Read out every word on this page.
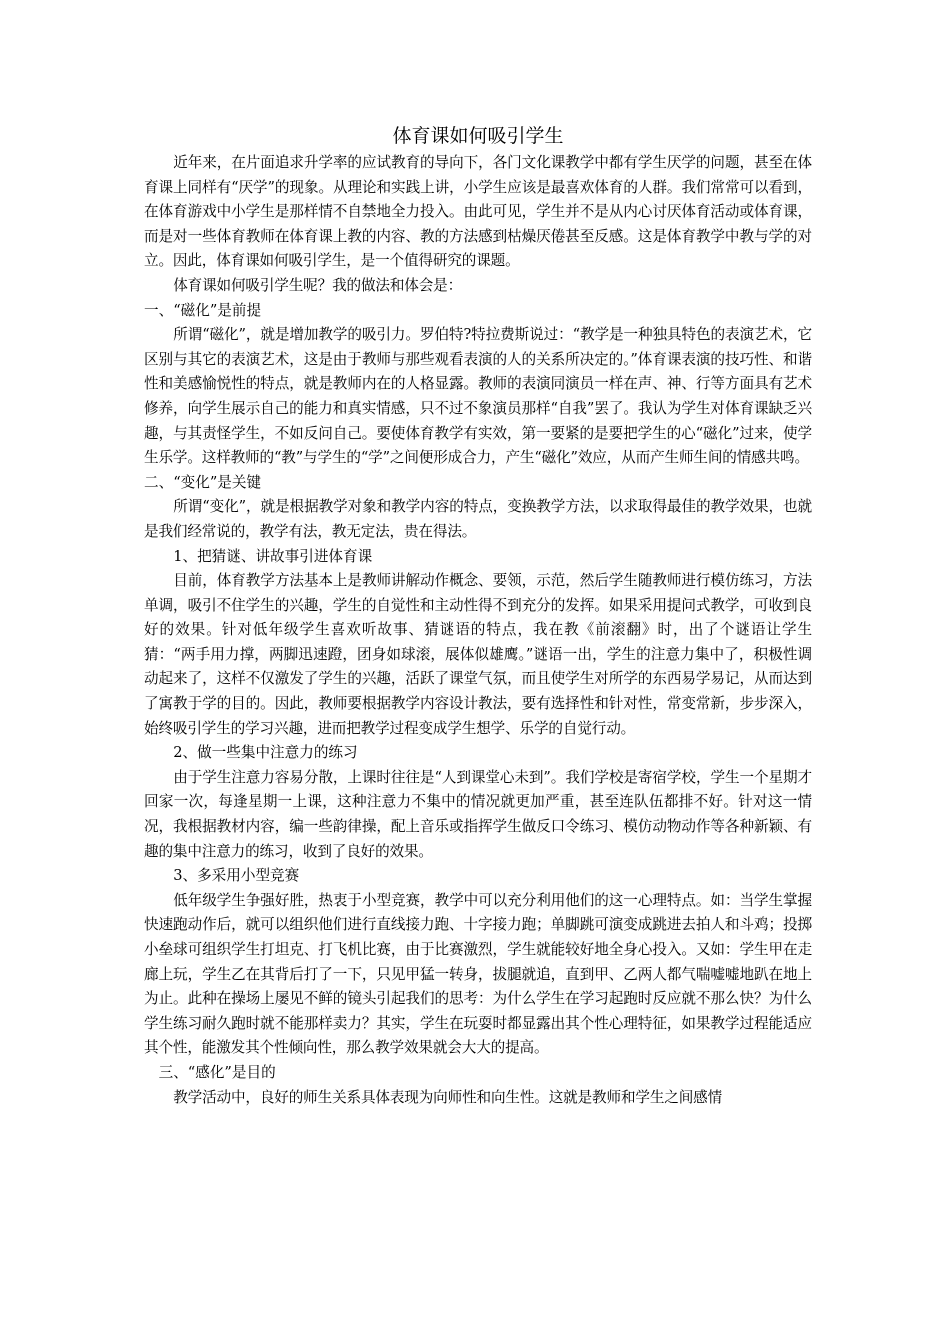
体育课如何吸引学生

近年来，在片面追求升学率的应试教育的导向下，各门文化课教学中都有学生厌学的问题，甚至在体育课上同样有“厌学”的现象。从理论和实践上讲，小学生应该是最喜欢体育的人群。我们常常可以看到，在体育游戏中小学生是那样情不自禁地全力投入。由此可见，学生并不是从内心讨厌体育活动或体育课，而是对一些体育教师在体育课上教的内容、教的方法感到枯燥厌倦甚至反感。这是体育教学中教与学的对立。因此，体育课如何吸引学生，是一个值得研究的课题。

体育课如何吸引学生呢？我的做法和体会是：

一、“磁化”是前提

所谓“磁化”，就是增加教学的吸引力。罗伯特?特拉费斯说过：“教学是一种独具特色的表演艺术，它区别与其它的表演艺术，这是由于教师与那些观看表演的人的关系所决定的。”体育课表演的技巧性、和谐性和美感愉悦性的特点，就是教师内在的人格显露。教师的表演同演员一样在声、神、行等方面具有艺术修养，向学生展示自己的能力和真实情感，只不过不象演员那样“自我”罢了。我认为学生对体育课缺乏兴趣，与其责怪学生，不如反问自己。要使体育教学有实效，第一要紧的是要把学生的心“磁化”过来，使学生乐学。这样教师的“教”与学生的“学”之间便形成合力，产生“磁化”效应，从而产生师生间的情感共鸣。

二、“变化”是关键

所谓“变化”，就是根据教学对象和教学内容的特点，变换教学方法，以求取得最佳的教学效果，也就是我们经常说的，教学有法，教无定法，贵在得法。

1、把猜谜、讲故事引进体育课

目前，体育教学方法基本上是教师讲解动作概念、要领，示范，然后学生随教师进行模仿练习，方法单调，吸引不住学生的兴趣，学生的自觉性和主动性得不到充分的发挥。如果采用提问式教学，可收到良好的效果。针对低年级学生喜欢听故事、猜谜语的特点，我在教《前滚翻》时，出了个谜语让学生猜：“两手用力撑，两脚迅速蹬，团身如球滚，展体似雄鹰。”谜语一出，学生的注意力集中了，积极性调动起来了，这样不仅激发了学生的兴趣，活跃了课堂气氛，而且使学生对所学的东西易学易记，从而达到了寓教于学的目的。因此，教师要根据教学内容设计教法，要有选择性和针对性，常变常新，步步深入，始终吸引学生的学习兴趣，进而把教学过程变成学生想学、乐学的自觉行动。

2、做一些集中注意力的练习

由于学生注意力容易分散，上课时往往是“人到课堂心未到”。我们学校是寄宿学校，学生一个星期才回家一次，每逢星期一上课，这种注意力不集中的情况就更加严重，甚至连队伍都排不好。针对这一情况，我根据教材内容，编一些韵律操，配上音乐或指挥学生做反口令练习、模仿动物动作等各种新颖、有趣的集中注意力的练习，收到了良好的效果。

3、多采用小型竞赛

低年级学生争强好胜，热衷于小型竞赛，教学中可以充分利用他们的这一心理特点。如：当学生掌握快速跑动作后，就可以组织他们进行直线接力跑、十字接力跑；单脚跳可演变成跳进去拍人和斗鸡；投掷小垒球可组织学生打坦克、打飞机比赛，由于比赛激烈，学生就能较好地全身心投入。又如：学生甲在走廊上玩，学生乙在其背后打了一下，只见甲猛一转身，拔腿就追，直到甲、乙两人都气喘嘘嘘地趴在地上为止。此种在操场上屡见不鲜的镜头引起我们的思考：为什么学生在学习起跑时反应就不那么快？为什么学生练习耐久跑时就不能那样卖力？其实，学生在玩耍时都显露出其个性心理特征，如果教学过程能适应其个性，能激发其个性倾向性，那么教学效果就会大大的提高。

三、“感化”是目的

教学活动中，良好的师生关系具体表现为向师性和向生性。这就是教师和学生之间感情
